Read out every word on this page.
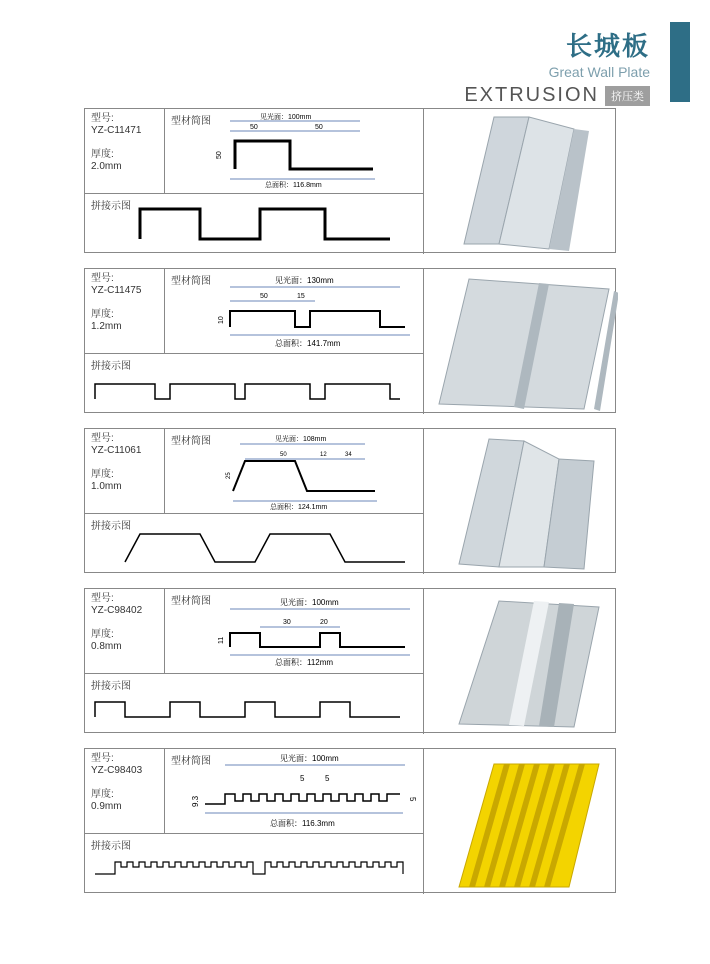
长城板
Great Wall Plate
EXTRUSION	挤压类
型号:
YZ-C11471
厚度:
2.0mm
型材简图	见光面：100mm
50	50
50
总面积：116.8mm
拼接示图
型号:
YZ-C11475
厚度:
1.2mm
型材简图	见光面：130mm
50	15
10
总面积：141.7mm
拼接示图
型号:
YZ-C11061
厚度:
1.0mm
型材简图	见光面：108mm
50	12	34
25
总面积：124.1mm
拼接示图
型号:
YZ-C98402
厚度:
0.8mm
型材简图	见光面：100mm
30	20
11
总面积：112mm
拼接示图
型号:
YZ-C98403
厚度:
0.9mm
型材简图	见光面：100mm
5	5
9.3	5
总面积：116.3mm
拼接示图
